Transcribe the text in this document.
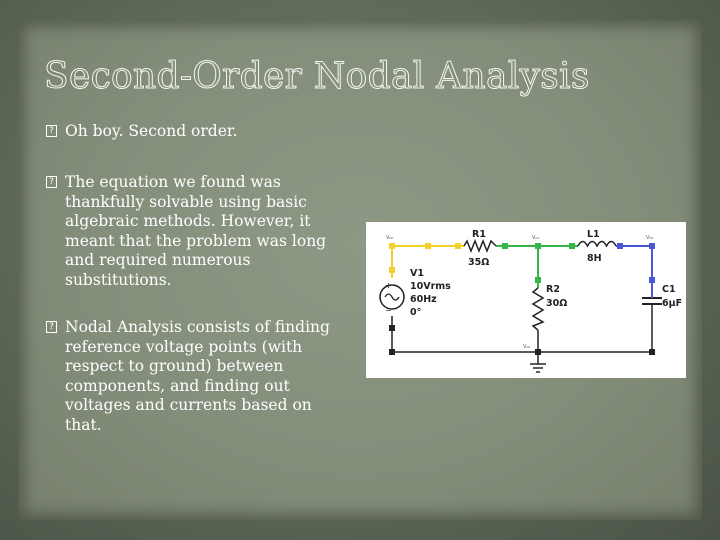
Second-Order Nodal Analysis
? Oh boy. Second order.
? The equation we found was thankfully solvable using basic algebraic methods. However, it meant that the problem was long and required numerous substitutions.
? Nodal Analysis consists of finding reference voltage points (with respect to ground) between components, and finding out voltages and currents based on that.
+
−
V₀₀	V₀₁	V₀₂
V₀₀
R1
35Ω
L1
8H
R2
30Ω
C1
6µF
V1
10Vrms
60Hz
0°
